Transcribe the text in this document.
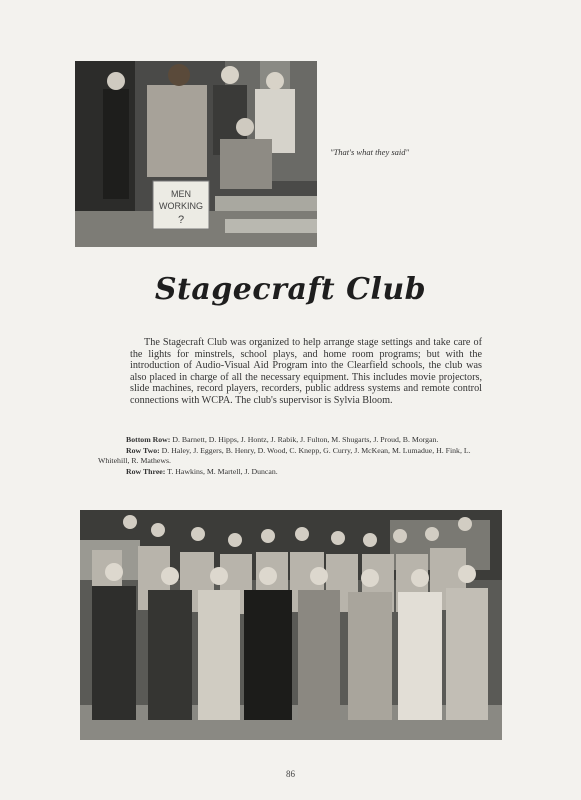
MEN
WORKING
?
"That's what they said"
Stagecraft Club
The Stagecraft Club was organized to help arrange stage settings and take care of the lights for minstrels, school plays, and home room programs; but with the introduction of Audio-Visual Aid Program into the Clearfield schools, the club was also placed in charge of all the necessary equipment. This includes movie projectors, slide machines, record players, recorders, public address systems and remote control connections with WCPA. The club's supervisor is Sylvia Bloom.

Bottom Row: D. Barnett, D. Hipps, J. Hontz, J. Rabik, J. Fulton, M. Shugarts, J. Proud, B. Morgan.

Row Two: D. Haley, J. Eggers, B. Henry, D. Wood, C. Knepp, G. Curry, J. McKean, M. Lumadue, H. Fink, L. Whitehill, R. Mathews.

Row Three: T. Hawkins, M. Martell, J. Duncan.

86
